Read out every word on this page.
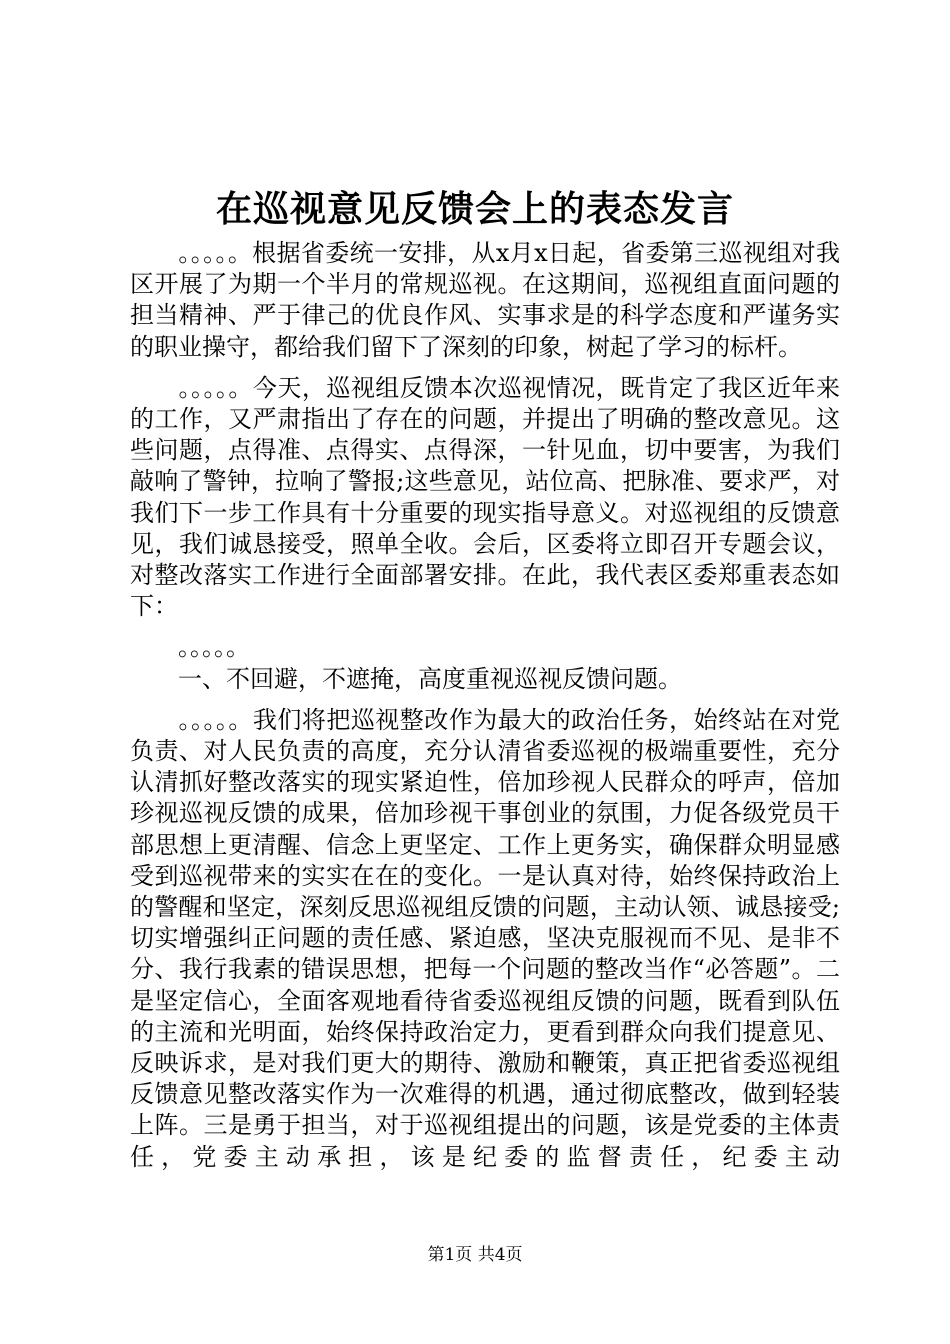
在巡视意见反馈会上的表态发言

。。。。。根据省委统一安排，从x月x日起，省委第三巡视组对我区开展了为期一个半月的常规巡视。在这期间，巡视组直面问题的担当精神、严于律己的优良作风、实事求是的科学态度和严谨务实的职业操守，都给我们留下了深刻的印象，树起了学习的标杆。

。。。。。今天，巡视组反馈本次巡视情况，既肯定了我区近年来的工作，又严肃指出了存在的问题，并提出了明确的整改意见。这些问题，点得准、点得实、点得深，一针见血，切中要害，为我们敲响了警钟，拉响了警报;这些意见，站位高、把脉准、要求严，对我们下一步工作具有十分重要的现实指导意义。对巡视组的反馈意见，我们诚恳接受，照单全收。会后，区委将立即召开专题会议，对整改落实工作进行全面部署安排。在此，我代表区委郑重表态如下：

。。。。。

一、不回避，不遮掩，高度重视巡视反馈问题。

。。。。。我们将把巡视整改作为最大的政治任务，始终站在对党负责、对人民负责的高度，充分认清省委巡视的极端重要性，充分认清抓好整改落实的现实紧迫性，倍加珍视人民群众的呼声，倍加珍视巡视反馈的成果，倍加珍视干事创业的氛围，力促各级党员干部思想上更清醒、信念上更坚定、工作上更务实，确保群众明显感受到巡视带来的实实在在的变化。一是认真对待，始终保持政治上的警醒和坚定，深刻反思巡视组反馈的问题，主动认领、诚恳接受;切实增强纠正问题的责任感、紧迫感，坚决克服视而不见、是非不分、我行我素的错误思想，把每一个问题的整改当作“必答题”。二是坚定信心，全面客观地看待省委巡视组反馈的问题，既看到队伍的主流和光明面，始终保持政治定力，更看到群众向我们提意见、反映诉求，是对我们更大的期待、激励和鞭策，真正把省委巡视组反馈意见整改落实作为一次难得的机遇，通过彻底整改，做到轻装上阵。三是勇于担当，对于巡视组提出的问题，该是党委的主体责任，党委主动承担，该是纪委的监督责任，纪委主动

第1页 共4页
